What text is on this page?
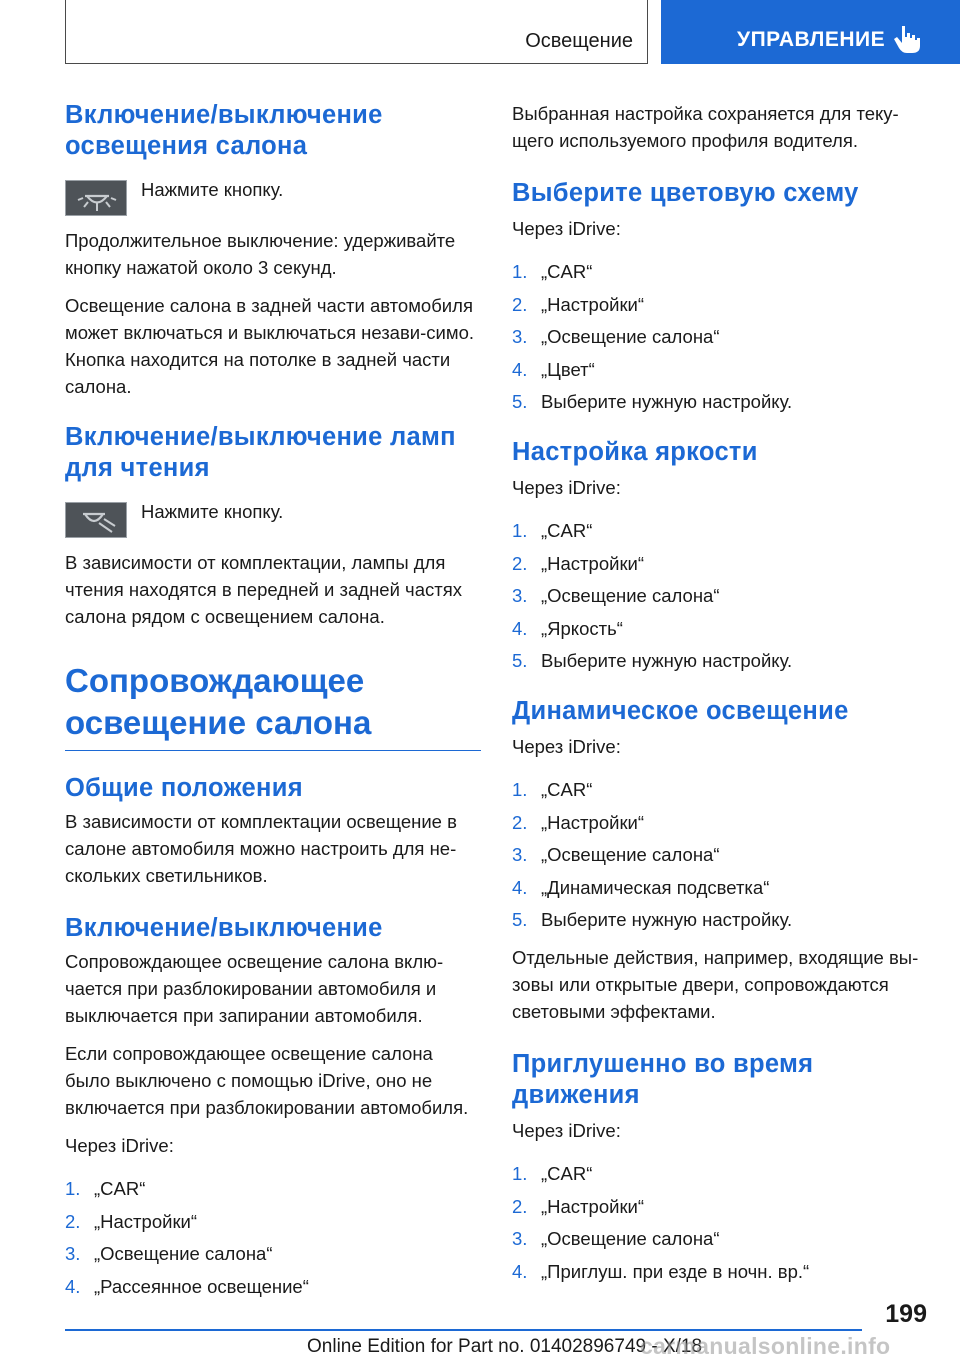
Освещение	УПРАВЛЕНИЕ
Включение/выключение освещения салона
Нажмите кнопку.

Продолжительное выключение: удерживайте кнопку нажатой около 3 секунд.

Освещение салона в задней части автомобиля может включаться и выключаться незави-симо. Кнопка находится на потолке в задней части салона.

Включение/выключение ламп для чтения
Нажмите кнопку.

В зависимости от комплектации, лампы для чтения находятся в передней и задней частях салона рядом с освещением салона.

Сопровождающее освещение салона
Общие положения

В зависимости от комплектации освещение в салоне автомобиля можно настроить для не-скольких светильников.

Включение/выключение

Сопровождающее освещение салона вклю-чается при разблокировании автомобиля и выключается при запирании автомобиля.

Если сопровождающее освещение салона было выключено с помощью iDrive, оно не включается при разблокировании автомобиля.

Через iDrive:

1. „CAR“
2. „Настройки“
3. „Освещение салона“
4. „Рассеянное освещение“

Выбранная настройка сохраняется для теку-щего используемого профиля водителя.

Выберите цветовую схему

Через iDrive:

1. „CAR“
2. „Настройки“
3. „Освещение салона“
4. „Цвет“
5. Выберите нужную настройку.
Настройка яркости

Через iDrive:

1. „CAR“
2. „Настройки“
3. „Освещение салона“
4. „Яркость“
5. Выберите нужную настройку.
Динамическое освещение

Через iDrive:

1. „CAR“
2. „Настройки“
3. „Освещение салона“
4. „Динамическая подсветка“
5. Выберите нужную настройку.

Отдельные действия, например, входящие вы-зовы или открытые двери, сопровождаются световыми эффектами.

Приглушенно во время движения

Через iDrive:

1. „CAR“
2. „Настройки“
3. „Освещение салона“
4. „Приглуш. при езде в ночн. вр.“
199
Online Edition for Part no. 01402896749 - X/18
carmanualsonline.info
